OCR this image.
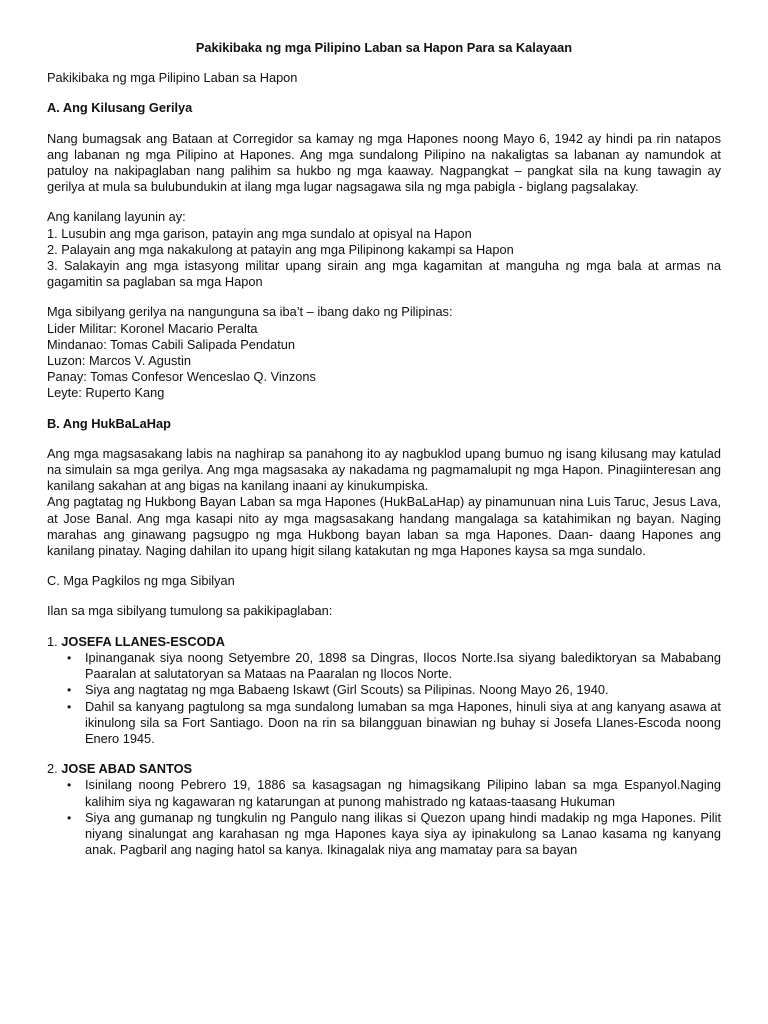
Pakikibaka ng mga Pilipino Laban sa Hapon Para sa Kalayaan

Pakikibaka ng mga Pilipino Laban sa Hapon

A. Ang Kilusang Gerilya

Nang bumagsak ang Bataan at Corregidor sa kamay ng mga Hapones noong Mayo 6, 1942 ay hindi pa rin natapos ang labanan ng mga Pilipino at Hapones. Ang mga sundalong Pilipino na nakaligtas sa labanan ay namundok at patuloy na nakipaglaban nang palihim sa hukbo ng mga kaaway. Nagpangkat – pangkat sila na kung tawagin ay gerilya at mula sa bulubundukin at ilang mga lugar nagsagawa sila ng mga pabigla - biglang pagsalakay.

Ang kanilang layunin ay:

1. Lusubin ang mga garison, patayin ang mga sundalo at opisyal na Hapon

2. Palayain ang mga nakakulong at patayin ang mga Pilipinong kakampi sa Hapon

3. Salakayin ang mga istasyong militar upang sirain ang mga kagamitan at manguha ng mga bala at armas na gagamitin sa paglaban sa mga Hapon

Mga sibilyang gerilya na nangunguna sa iba’t – ibang dako ng Pilipinas:

Lider Militar: Koronel Macario Peralta

Mindanao: Tomas Cabili Salipada Pendatun

Luzon: Marcos V. Agustin

Panay: Tomas Confesor Wenceslao Q. Vinzons

Leyte: Ruperto Kang

B. Ang HukBaLaHap

Ang mga magsasakang labis na naghirap sa panahong ito ay nagbuklod upang bumuo ng isang kilusang may katulad na simulain sa mga gerilya. Ang mga magsasaka ay nakadama ng pagmamalupit ng mga Hapon. Pinagiinteresan ang kanilang sakahan at ang bigas na kanilang inaani ay kinukumpiska.

Ang pagtatag ng Hukbong Bayan Laban sa mga Hapones (HukBaLaHap) ay pinamunuan nina Luis Taruc, Jesus Lava, at Jose Banal. Ang mga kasapi nito ay mga magsasakang handang mangalaga sa katahimikan ng bayan. Naging marahas ang ginawang pagsugpo ng mga Hukbong bayan laban sa mga Hapones. Daan- daang Hapones ang kanilang pinatay. Naging dahilan ito upang higit silang katakutan ng mga Hapones kaysa sa mga sundalo.

C. Mga Pagkilos ng mga Sibilyan

Ilan sa mga sibilyang tumulong sa pakikipaglaban:

1. JOSEFA LLANES-ESCODA

• Ipinanganak siya noong Setyembre 20, 1898 sa Dingras, Ilocos Norte.Isa siyang balediktoryan sa Mababang Paaralan at salutatoryan sa Mataas na Paaralan ng Ilocos Norte.
• Siya ang nagtatag ng mga Babaeng Iskawt (Girl Scouts) sa Pilipinas. Noong Mayo 26, 1940.
• Dahil sa kanyang pagtulong sa mga sundalong lumaban sa mga Hapones, hinuli siya at ang kanyang asawa at ikinulong sila sa Fort Santiago. Doon na rin sa bilangguan binawian ng buhay si Josefa Llanes-Escoda noong Enero 1945.

2. JOSE ABAD SANTOS

• Isinilang noong Pebrero 19, 1886 sa kasagsagan ng himagsikang Pilipino laban sa mga Espanyol.Naging kalihim siya ng kagawaran ng katarungan at punong mahistrado ng kataas-taasang Hukuman
• Siya ang gumanap ng tungkulin ng Pangulo nang ilikas si Quezon upang hindi madakip ng mga Hapones. Pilit niyang sinalungat ang karahasan ng mga Hapones kaya siya ay ipinakulong sa Lanao kasama ng kanyang anak. Pagbaril ang naging hatol sa kanya. Ikinagalak niya ang mamatay para sa bayan
